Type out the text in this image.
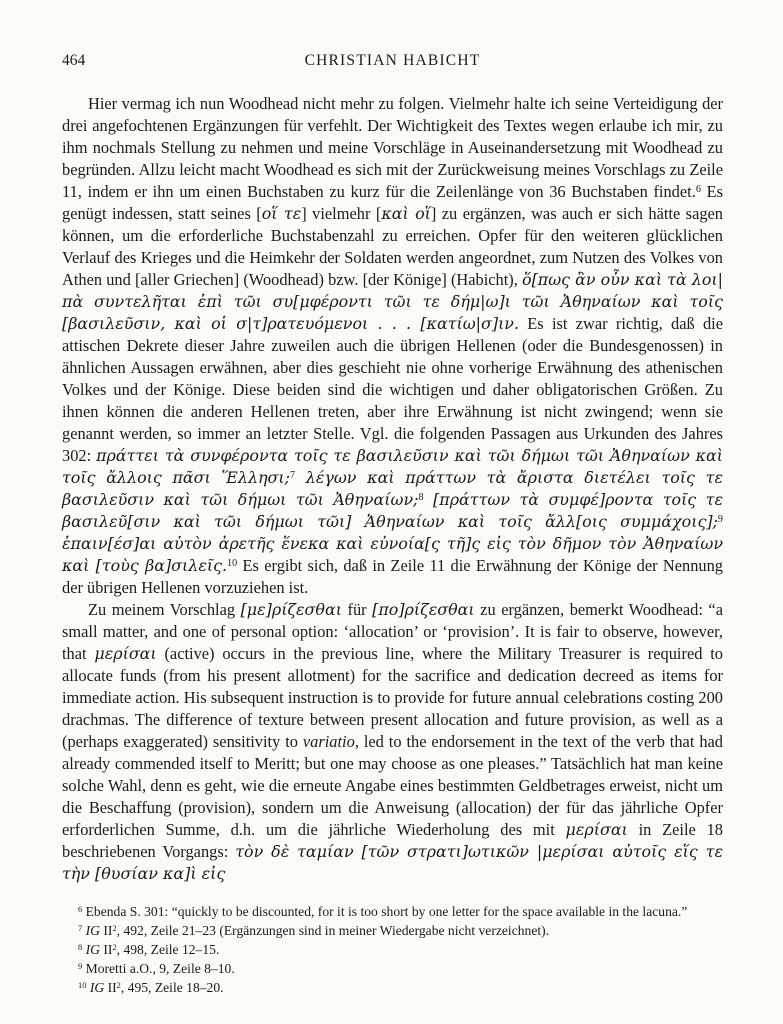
464	CHRISTIAN HABICHT

Hier vermag ich nun Woodhead nicht mehr zu folgen. Vielmehr halte ich seine Verteidigung der drei angefochtenen Ergänzungen für verfehlt. Der Wichtigkeit des Textes wegen erlaube ich mir, zu ihm nochmals Stellung zu nehmen und meine Vorschläge in Auseinandersetzung mit Woodhead zu begründen. Allzu leicht macht Woodhead es sich mit der Zurückweisung meines Vorschlags zu Zeile 11, indem er ihn um einen Buchstaben zu kurz für die Zeilenlänge von 36 Buchstaben findet.$^6$ Es genügt indessen, statt seines [οἵ τε] vielmehr [καὶ οἵ] zu ergänzen, was auch er sich hätte sagen können, um die erforderliche Buchstabenzahl zu erreichen. Opfer für den weiteren glücklichen Verlauf des Krieges und die Heimkehr der Soldaten werden angeordnet, zum Nutzen des Volkes von Athen und [aller Griechen] (Woodhead) bzw. [der Könige] (Habicht), ὅ[πως ἂν οὖν καὶ τὰ λοι|πὰ συντελῆται ἐπὶ τῶι συ[μφέροντι τῶι τε δήμ|ω]ι τῶι Ἀθηναίων καὶ τοῖς [βασιλεῦσιν, καὶ οἱ σ|τ]ρατευόμενοι . . . [κατίω|σ]ιν. Es ist zwar richtig, daß die attischen Dekrete dieser Jahre zuweilen auch die übrigen Hellenen (oder die Bundesgenossen) in ähnlichen Aussagen erwähnen, aber dies geschieht nie ohne vorherige Erwähnung des athenischen Volkes und der Könige. Diese beiden sind die wichtigen und daher obligatorischen Größen. Zu ihnen können die anderen Hellenen treten, aber ihre Erwähnung ist nicht zwingend; wenn sie genannt werden, so immer an letzter Stelle. Vgl. die folgenden Passagen aus Urkunden des Jahres 302: πράττει τὰ συνφέροντα τοῖς τε βασιλεῦσιν καὶ τῶι δήμωι τῶι Ἀθηναίων καὶ τοῖς ἄλλοις πᾶσι Ἕλλησι;$^7$ λέγων καὶ πράττων τὰ ἄριστα διετέλει τοῖς τε βασιλεῦσιν καὶ τῶι δήμωι τῶι Ἀθηναίων;$^8$ [πράττων τὰ συμφέ]ροντα τοῖς τε βασιλεῦ[σιν καὶ τῶι δήμωι τῶι] Ἀθηναίων καὶ τοῖς ἄλλ[οις συμμάχοις];$^9$ ἐπαιν[έσ]αι αὐτὸν ἀρετῆς ἕνεκα καὶ εὐνοία[ς τῆ]ς εἰς τὸν δῆμον τὸν Ἀθηναίων καὶ [τοὺς βα]σιλεῖς.$^{10}$ Es ergibt sich, daß in Zeile 11 die Erwähnung der Könige der Nennung der übrigen Hellenen vorzuziehen ist.

Zu meinem Vorschlag [με]ρίζεσθαι für [πο]ρίζεσθαι zu ergänzen, bemerkt Woodhead: “a small matter, and one of personal option: ‘allocation’ or ‘provision’. It is fair to observe, however, that μερίσαι (active) occurs in the previous line, where the Military Treasurer is required to allocate funds (from his present allotment) for the sacrifice and dedication decreed as items for immediate action. His subsequent instruction is to provide for future annual celebrations costing 200 drachmas. The difference of texture between present allocation and future provision, as well as a (perhaps exaggerated) sensitivity to variatio, led to the endorsement in the text of the verb that had already commended itself to Meritt; but one may choose as one pleases.” Tatsächlich hat man keine solche Wahl, denn es geht, wie die erneute Angabe eines bestimmten Geldbetrages erweist, nicht um die Beschaffung (provision), sondern um die Anweisung (allocation) der für das jährliche Opfer erforderlichen Summe, d.h. um die jährliche Wiederholung des mit μερίσαι in Zeile 18 beschriebenen Vorgangs: τὸν δὲ ταμίαν [τῶν στρατι]ωτικῶν |μερίσαι αὐτοῖς εἵς τε τὴν [θυσίαν κα]ὶ εἰς

$^6$ Ebenda S. 301: “quickly to be discounted, for it is too short by one letter for the space available in the lacuna.”

$^7$ IG $II^2$, 492, Zeile 21–23 (Ergänzungen sind in meiner Wiedergabe nicht verzeichnet).

$^8$ IG $II^2$, 498, Zeile 12–15.

$^9$ Moretti a.O., 9, Zeile 8–10.

$^{10}$ IG $II^2$, 495, Zeile 18–20.
